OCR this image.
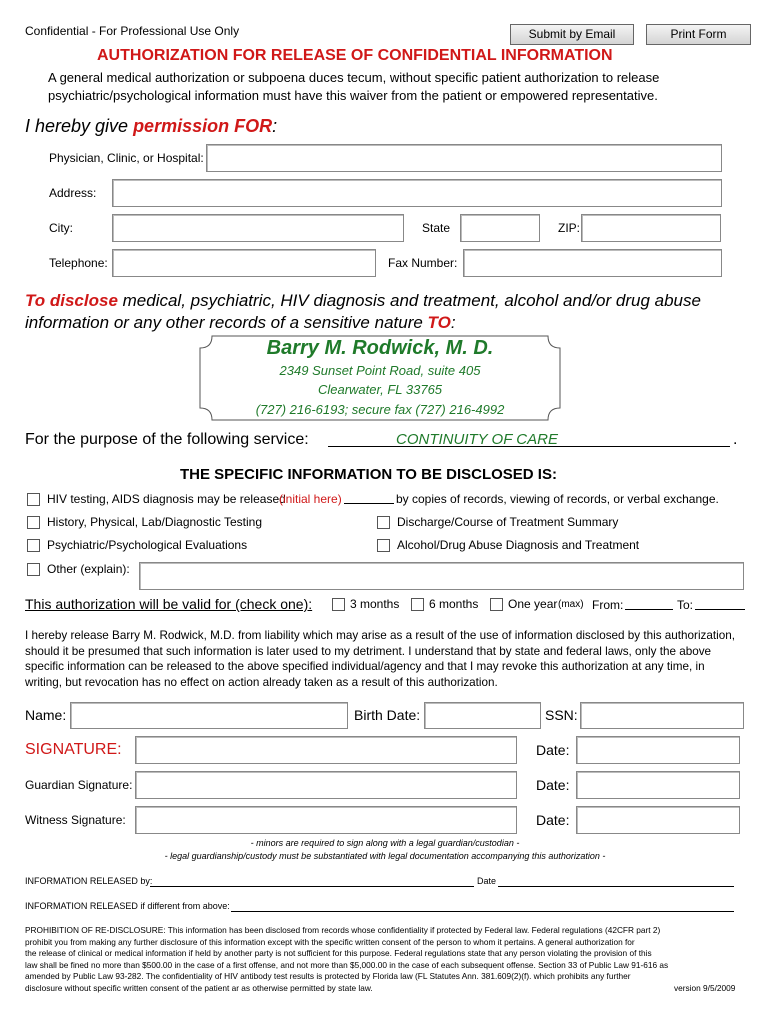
Confidential - For Professional Use Only	Submit by Email	Print Form
AUTHORIZATION FOR RELEASE OF CONFIDENTIAL INFORMATION
A general medical authorization or subpoena duces tecum, without specific patient authorization to release
psychiatric/psychological information must have this waiver from the patient or empowered representative.
I hereby give permission FOR:
Physician, Clinic, or Hospital:
Address:
City:	State	ZIP:
Telephone:	Fax Number:
To disclose medical, psychiatric, HIV diagnosis and treatment, alcohol and/or drug abuse
information or any other records of a sensitive nature TO:
Barry M. Rodwick, M. D.
2349 Sunset Point Road, suite 405
Clearwater, FL 33765
(727) 216-6193; secure fax (727) 216-4992
For the purpose of the following service:	CONTINUITY OF CARE	.
THE SPECIFIC INFORMATION TO BE DISCLOSED IS:
HIV testing, AIDS diagnosis may be released
(initial here)	by copies of records, viewing of records, or verbal exchange.
History, Physical, Lab/Diagnostic Testing	Discharge/Course of Treatment Summary
Psychiatric/Psychological Evaluations	Alcohol/Drug Abuse Diagnosis and Treatment
Other (explain):
This authorization will be valid for (check one):	3 months 6 months One year (max) From:	To:
I hereby release Barry M. Rodwick, M.D. from liability which may arise as a result of the use of information disclosed by this authorization,
should it be presumed that such information is later used to my detriment. I understand that by state and federal laws, only the above
specific information can be released to the above specified individual/agency and that I may revoke this authorization at any time, in
writing, but revocation has no effect on action already taken as a result of this authorization.
Name:	Birth Date:	SSN:
SIGNATURE:	Date:
Guardian Signature:	Date:
Witness Signature:	Date:
- minors are required to sign along with a legal guardian/custodian -
- legal guardianship/custody must be substantiated with legal documentation accompanying this authorization -
INFORMATION RELEASED by:	Date
INFORMATION RELEASED if different from above:
PROHIBITION OF RE-DISCLOSURE: This information has been disclosed from records whose confidentiality if protected by Federal law. Federal regulations (42CFR part 2)
prohibit you from making any further disclosure of this information except with the specific written consent of the person to whom it pertains. A general authorization for
the release of clinical or medical information if held by another party is not sufficient for this purpose. Federal regulations state that any person violating the provision of this
law shall be fined no more than $500.00 in the case of a first offense, and not more than $5,000.00 in the case of each subsequent offense. Section 33 of Public Law 91-616 as
amended by Public Law 93-282. The confidentiality of HIV antibody test results is protected by Florida law (FL Statutes Ann. 381.609(2)(f). which prohibits any further
disclosure without specific written consent of the patient ar as otherwise permitted by state law.	version 9/5/2009
